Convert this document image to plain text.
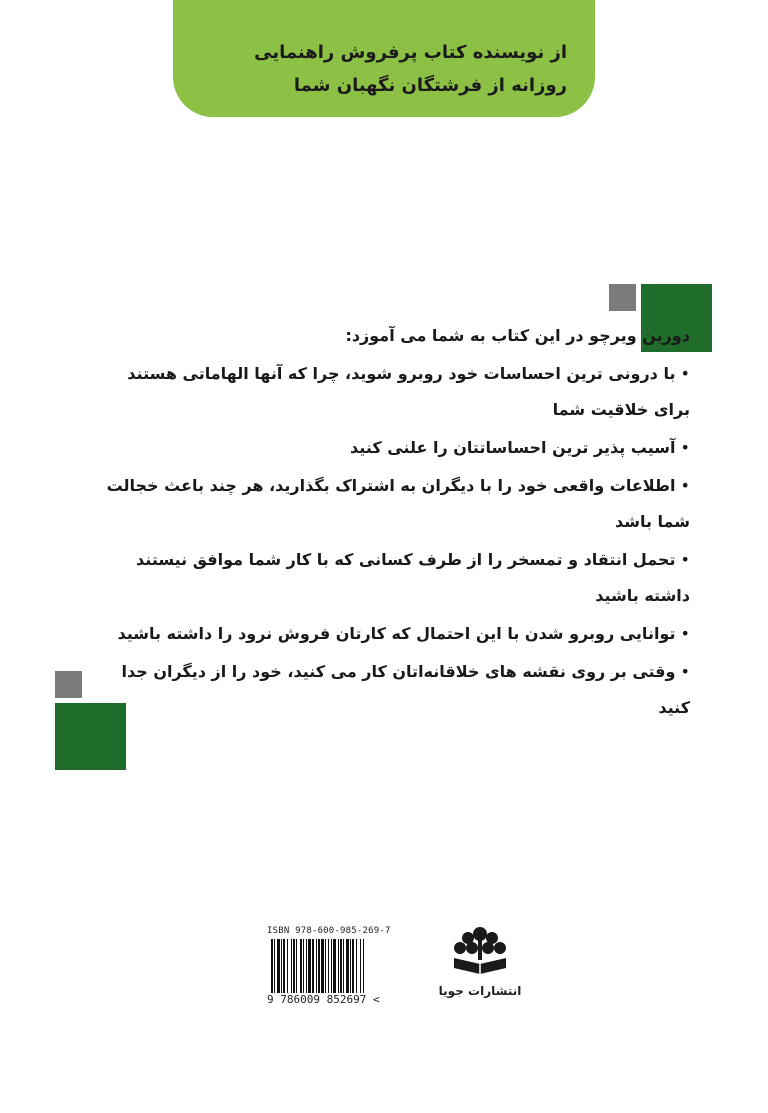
از نویسنده کتاب پرفروش راهنمایی
روزانه از فرشتگان نگهبان شما

دورین ویرچو در این کتاب به شما می آموزد:

• با درونی ترین احساسات خود روبرو شوید، چرا که آنها الهاماتی هستند برای خلاقیت شما

• آسیب پذیر ترین احساساتتان را علنی کنید

• اطلاعات واقعی خود را با دیگران به اشتراک بگذارید، هر چند باعث خجالت شما باشد

• تحمل انتقاد و تمسخر را از طرف کسانی که با کار شما موافق نیستند داشته باشید

• توانایی روبرو شدن با این احتمال که کارتان فروش نرود را داشته باشید

• وقتی بر روی نقشه های خلاقانه‌اتان کار می کنید، خود را از دیگران جدا کنید

ISBN 978-600-985-269-7
9 786009 852697 <
انتشارات جویا
